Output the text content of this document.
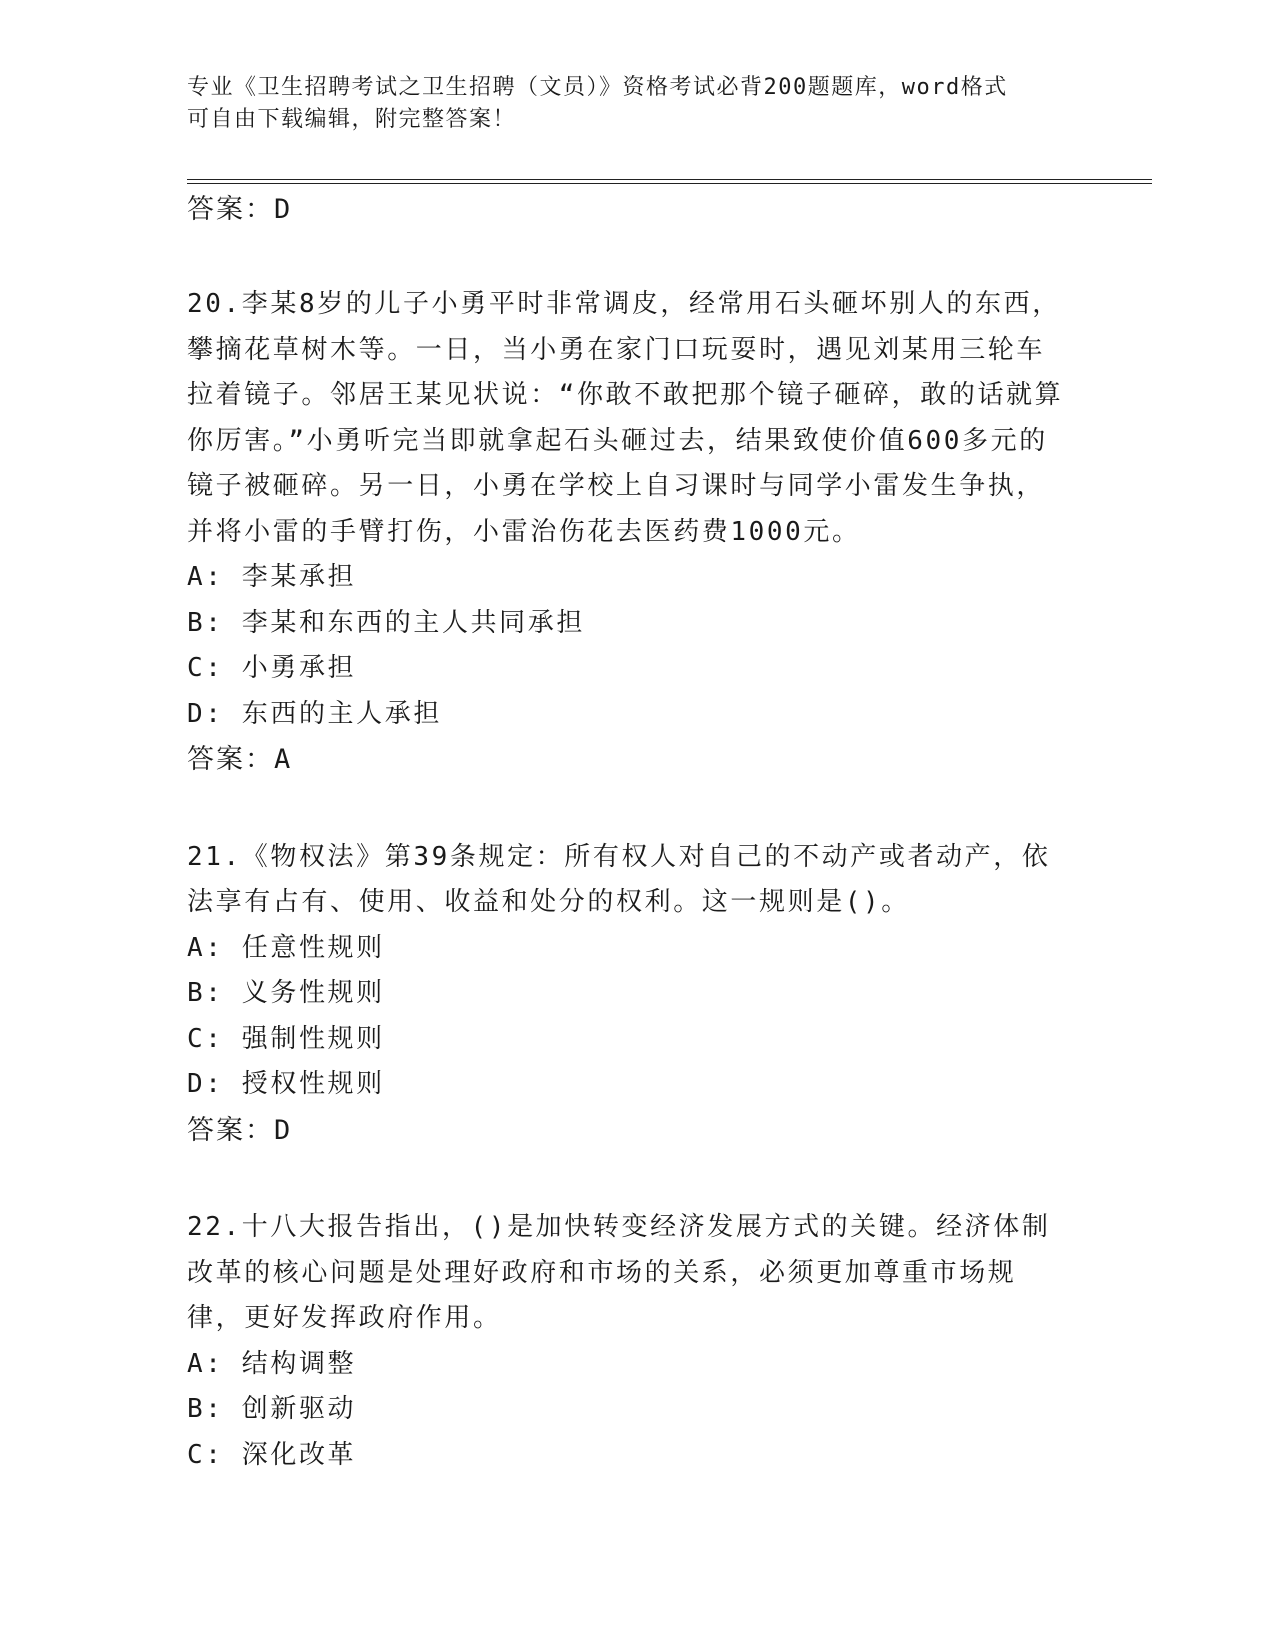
专业《卫生招聘考试之卫生招聘（文员）》资格考试必背200题题库，word格式
可自由下载编辑，附完整答案！

答案：D

20.李某8岁的儿子小勇平时非常调皮，经常用石头砸坏别人的东西，攀摘花草树木等。一日，当小勇在家门口玩耍时，遇见刘某用三轮车拉着镜子。邻居王某见状说：“你敢不敢把那个镜子砸碎，敢的话就算你厉害。”小勇听完当即就拿起石头砸过去，结果致使价值600多元的镜子被砸碎。另一日，小勇在学校上自习课时与同学小雷发生争执，并将小雷的手臂打伤，小雷治伤花去医药费1000元。

A: 李某承担
B: 李某和东西的主人共同承担
C: 小勇承担
D: 东西的主人承担
答案：A

21.《物权法》第39条规定：所有权人对自己的不动产或者动产，依法享有占有、使用、收益和处分的权利。这一规则是()。

A: 任意性规则
B: 义务性规则
C: 强制性规则
D: 授权性规则
答案：D

22.十八大报告指出，()是加快转变经济发展方式的关键。经济体制改革的核心问题是处理好政府和市场的关系，必须更加尊重市场规律，更好发挥政府作用。

A: 结构调整
B: 创新驱动
C: 深化改革
